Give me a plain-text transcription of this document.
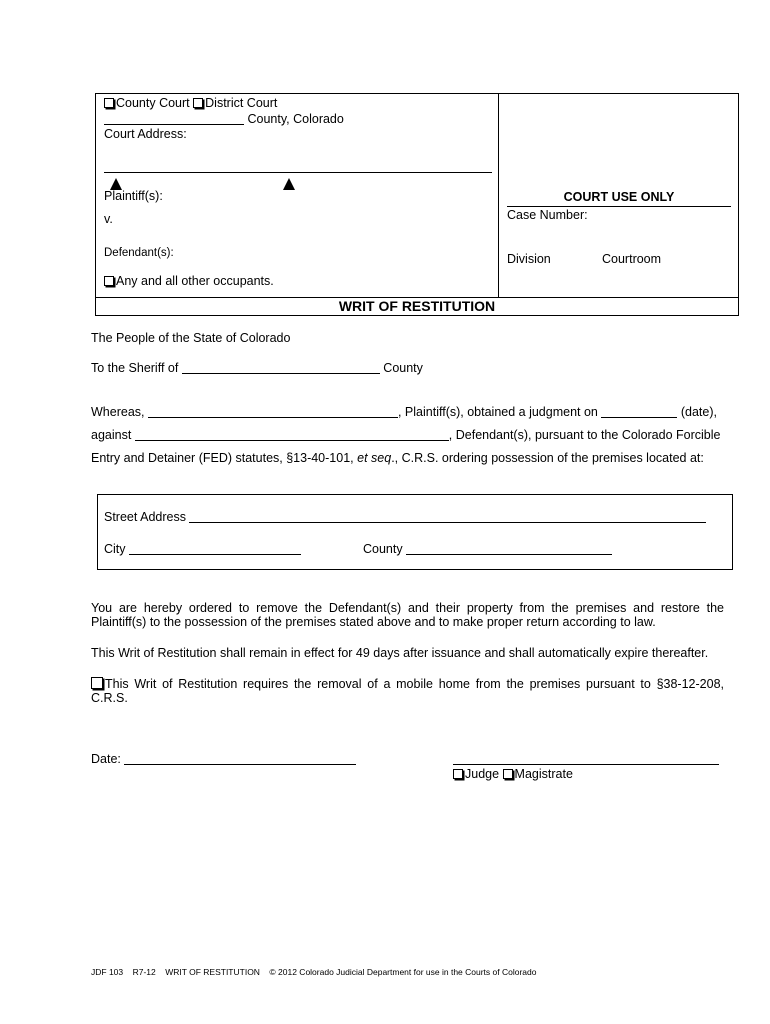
County Court District Court
County, Colorado
Court Address:
Plaintiff(s):
v.
Defendant(s):
Any and all other occupants.
COURT USE ONLY
Case Number:
Division	Courtroom
WRIT OF RESTITUTION
The People of the State of Colorado
To the Sheriff of	County
Whereas,	, Plaintiff(s), obtained a judgment on	(date),
against	, Defendant(s), pursuant to the Colorado Forcible
Entry and Detainer (FED) statutes, §13-40-101, et seq., C.R.S. ordering possession of the premises located at:
Street Address
City	County
You are hereby ordered to remove the Defendant(s) and their property from the premises and restore the Plaintiff(s) to the possession of the premises stated above and to make proper return according to law.
This Writ of Restitution shall remain in effect for 49 days after issuance and shall automatically expire thereafter.
This Writ of Restitution requires the removal of a mobile home from the premises pursuant to §38-12-208, C.R.S.
Date:
Judge Magistrate
JDF 103 R7-12 WRIT OF RESTITUTION © 2012 Colorado Judicial Department for use in the Courts of Colorado
